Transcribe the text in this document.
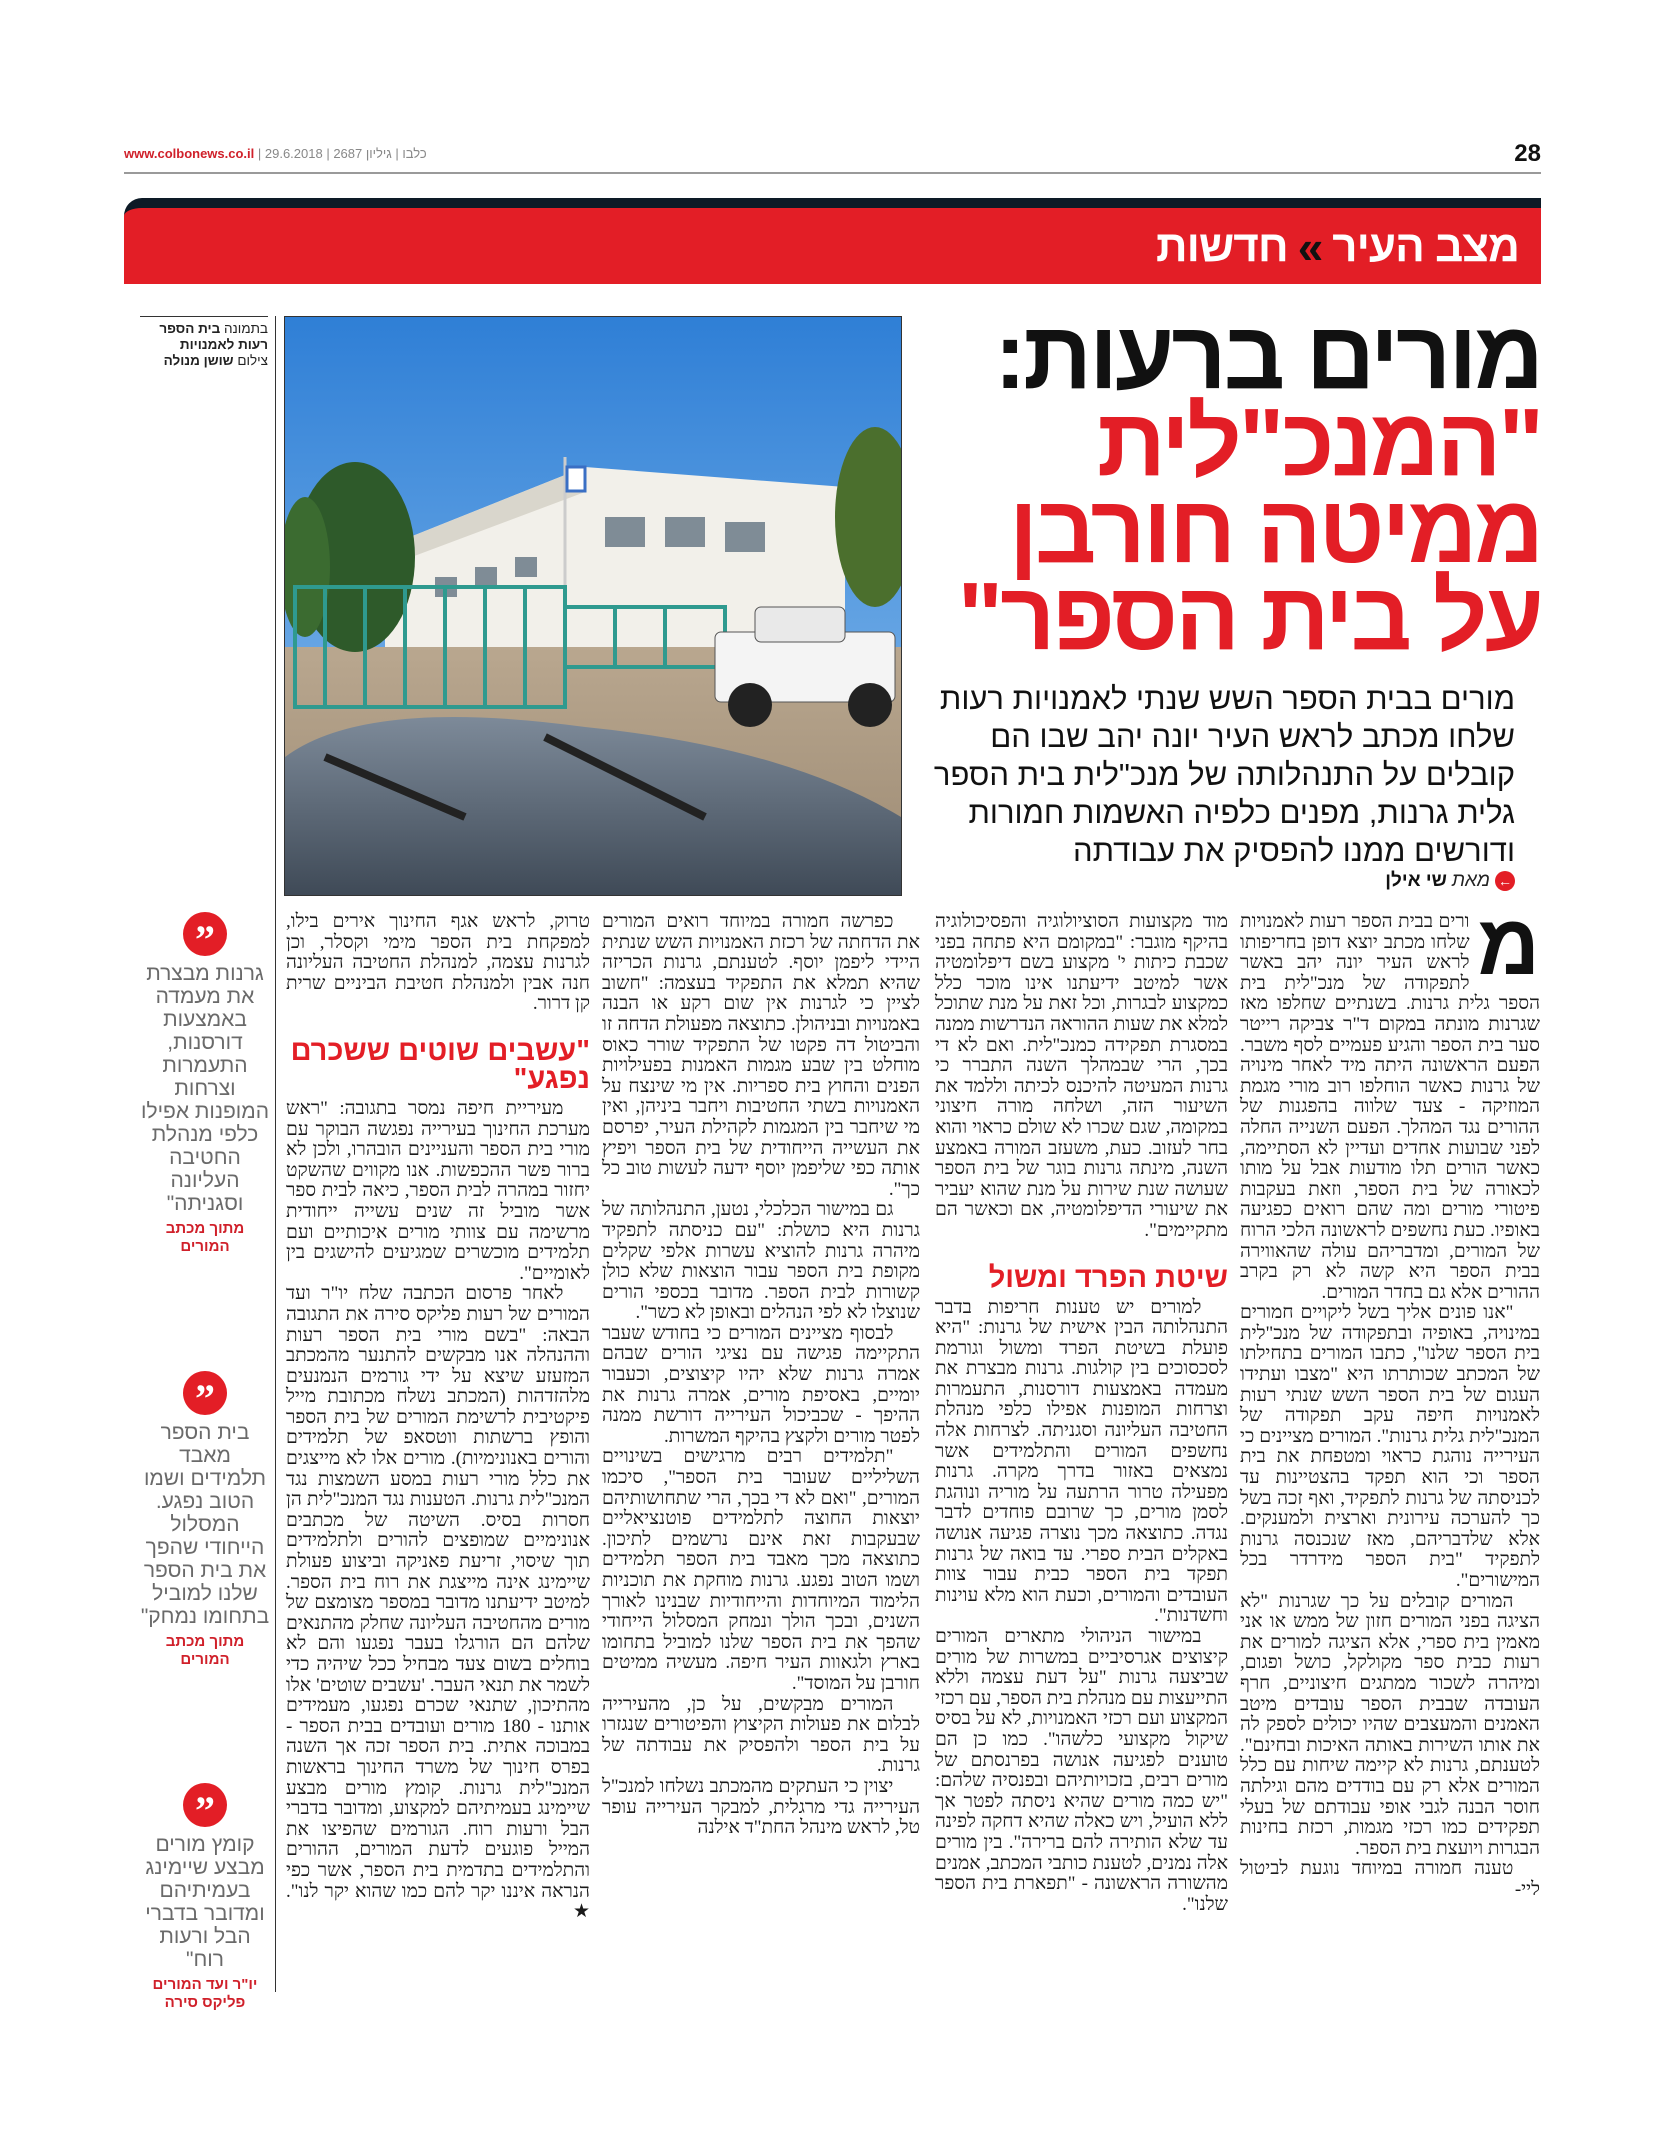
www.colbonews.co.il | כלבו | גיליון 2687 | 29.6.2018	28
מצב העיר
»
חדשות
בתמונה בית הספר רעות לאמנויות
צילום שושן מנולה	מורים ברעות:
"המנכ"לית
ממיטה חורבן
על בית הספר"
מורים בבית הספר השש שנתי לאמנויות רעות שלחו מכתב לראש העיר יונה יהב שבו הם קובלים על התנהלותה של מנכ"לית בית הספר גלית גרנות, מפנים כלפיה האשמות חמורות ודורשים ממנו להפסיק את עבודתה
←
מאת
שי אילן

מ
ורים בבית הספר רעות לאמנויות שלחו מכתב יוצא דופן בחריפותו לראש העיר יונה יהב באשר לתפקודה של מנכ"לית בית הספר גלית גרנות. בשנתיים שחלפו מאז שגרנות מונתה במקום ד"ר צביקה רייטר סער בית הספר והגיע פעמיים לסף משבר. הפעם הראשונה היתה מיד לאחר מינויה של גרנות כאשר הוחלפו רוב מורי מגמת המוזיקה - צעד שלווה בהפגנות של ההורים נגד המהלך. הפעם השנייה החלה לפני שבועות אחדים ועדיין לא הסתיימה, כאשר הורים תלו מודעות אבל על מותו לכאורה של בית הספר, וזאת בעקבות פיטורי מורים ומה שהם רואים כפגיעה באופיו. כעת נחשפים לראשונה הלכי הרוח של המורים, ומדבריהם עולה שהאווירה בבית הספר היא קשה לא רק בקרב ההורים אלא גם בחדר המורים.

"אנו פונים אליך בשל ליקויים חמורים במינויה, באופיה ובתפקודה של מנכ"לית בית הספר שלנו", כתבו המורים בתחילתו של המכתב שכותרתו היא "מצבו ועתידו העגום של בית הספר השש שנתי רעות לאמנויות חיפה עקב תפקודה של המנכ"לית גלית גרנות". המורים מציינים כי העירייה נוהגת כראוי ומטפחת את בית הספר וכי הוא תפקד בהצטיינות עד לכניסתה של גרנות לתפקיד, ואף זכה בשל כך להערכה עירונית וארצית ולמענקים. אלא שלדבריהם, מאז שנכנסה גרנות לתפקיד "בית הספר מידרדר בכל המישורים".

המורים קובלים על כך שגרנות "לא הציגה בפני המורים חזון של ממש או אני מאמין בית ספרי, אלא הציגה למורים את רעות כבית ספר מקולקל, כושל ופגום, ומיהרה לשכור ממתגים חיצוניים, חרף העובדה שבבית הספר עובדים מיטב האמנים והמעצבים שהיו יכולים לספק לה את אותו השירות באותה האיכות ובחינם". לטענתם, גרנות לא קיימה שיחות עם כלל המורים אלא רק עם בודדים מהם וגילתה חוסר הבנה לגבי אופי עבודתם של בעלי תפקידים כמו רכזי מגמות, רכזת בחינות הבגרות ויועצת בית הספר.

טענה חמורה במיוחד נוגעת לביטול ליי-

מוד מקצועות הסוציולוגיה והפסיכולוגיה בהיקף מוגבר: "במקומם היא פתחה בפני שכבת כיתות י' מקצוע בשם דיפלומטיה אשר למיטב ידיעתנו אינו מוכר כלל כמקצוע לבגרות, וכל זאת על מנת שתוכל למלא את שעות ההוראה הנדרשות ממנה במסגרת תפקידה כמנכ"לית. ואם לא די בכך, הרי שבמהלך השנה התברר כי גרנות המעיטה להיכנס לכיתה וללמד את השיעור הזה, ושלחה מורה חיצוני במקומה, שגם שכרו לא שולם כראוי והוא בחר לעזוב. כעת, משעזב המורה באמצע השנה, מינתה גרנות בוגר של בית הספר שעושה שנת שירות על מנת שהוא יעביר את שיעורי הדיפלומטיה, אם וכאשר הם מתקיימים".

שיטת הפרד ומשול

למורים יש טענות חריפות בדבר התנהלותה הבין אישית של גרנות: "היא פועלת בשיטת הפרד ומשול וגורמת לסכסוכים בין קולגות. גרנות מבצרת את מעמדה באמצעות דורסנות, התעמרות וצרחות המופנות אפילו כלפי מנהלת החטיבה העליונה וסגניתה. לצרחות אלה נחשפים המורים והתלמידים אשר נמצאים באזור בדרך מקרה. גרנות מפעילה טרור הרתעה על מוריה ונוהגת לסמן מורים, כך שרובם פוחדים לדבר נגדה. כתוצאה מכך נוצרה פגיעה אנושה באקלים הבית ספרי. עד בואה של גרנות תפקד בית הספר כבית עבור צוות העובדים והמורים, וכעת הוא מלא עוינות וחשדנות".

במישור הניהולי מתארים המורים קיצוצים אגרסיביים במשרות של מורים שביצעה גרנות "על דעת עצמה וללא התייעצות עם מנהלת בית הספר, עם רכזי המקצוע ועם רכזי האמנויות, לא על בסיס שיקול מקצועי כלשהו". כמו כן הם טוענים לפגיעה אנושה בפרנסתם של מורים רבים, בזכויותיהם ובפנסיה שלהם: "יש כמה מורים שהיא ניסתה לפטר אך ללא הועיל, ויש כאלה שהיא דחקה לפינה עד שלא הותירה להם ברירה". בין מורים אלה נמנים, לטענת כותבי המכתב, אמנים מהשורה הראשונה - "תפארת בית הספר שלנו".

כפרשה חמורה במיוחד רואים המורים את הדחתה של רכזת האמנויות השש שנתית היידי ליפמן יוסף. לטענתם, גרנות הכריזה שהיא תמלא את התפקיד בעצמה: "חשוב לציין כי לגרנות אין שום רקע או הבנה באמנויות ובניהולן. כתוצאה מפעולת הדחה זו והביטול דה פקטו של התפקיד שורר כאוס מוחלט בין שבע מגמות האמנות בפעילויות הפנים והחוץ בית ספריות. אין מי שינצח על האמנויות בשתי החטיבות ויחבר ביניהן, ואין מי שיחבר בין המגמות לקהילת העיר, יפרסם את העשייה הייחודית של בית הספר ויפיץ אותה כפי שליפמן יוסף ידעה לעשות טוב כל כך".

גם במישור הכלכלי, נטען, התנהלותה של גרנות היא כושלת: "עם כניסתה לתפקיד מיהרה גרנות להוציא עשרות אלפי שקלים מקופת בית הספר עבור הוצאות שלא כולן קשורות לבית הספר. מדובר בכספי הורים שנוצלו לא לפי הנהלים ובאופן לא כשר".

לבסוף מציינים המורים כי בחודש שעבר התקיימה פגישה עם נציגי הורים שבהם אמרה גרנות שלא יהיו קיצוצים, וכעבור יומיים, באסיפת מורים, אמרה גרנות את ההיפך - שכביכול העירייה דורשת ממנה לפטר מורים ולקצץ בהיקף המשרות.

"תלמידים רבים מרגישים בשינויים השליליים שעובר בית הספר", סיכמו המורים, "ואם לא די בכך, הרי שתחושותיהם יוצאות החוצה לתלמידים פוטנציאליים שבעקבות זאת אינם נרשמים לתיכון. כתוצאה מכך מאבד בית הספר תלמידים ושמו הטוב נפגע. גרנות מוחקת את תוכניות הלימוד המיוחדות והייחודיות שבנינו לאורך השנים, ובכך הולך ונמחק המסלול הייחודי שהפך את בית הספר שלנו למוביל בתחומו בארץ ולגאוות העיר חיפה. מעשיה ממיטים חורבן על המוסד".

המורים מבקשים, על כן, מהעירייה לבלום את פעולות הקיצוץ והפיטורים שנגזרו על בית הספר ולהפסיק את עבודתה של גרנות.

יצוין כי העתקים מהמכתב נשלחו למנכ"ל העירייה גדי מרגלית, למבקר העירייה עופר טל, לראש מינהל החת"ד אילנה

טרוק, לראש אגף החינוך אירים בילו, למפקחת בית הספר מימי וקסלר, וכן לגרנות עצמה, למנהלת החטיבה העליונה חנה אבין ולמנהלת חטיבת הביניים שרית קן דרור.

"עשבים שוטים ששכרם נפגע"

מעיריית חיפה נמסר בתגובה: "ראש מערכת החינוך בעירייה נפגשה הבוקר עם מורי בית הספר והעניינים הובהרו, ולכן לא ברור פשר ההכפשות. אנו מקווים שהשקט יחזור במהרה לבית הספר, כיאה לבית ספר אשר מוביל זה שנים עשייה ייחודית מרשימה עם צוותי מורים איכותיים ועם תלמידים מוכשרים שמגיעים להישגים בין לאומיים".

לאחר פרסום הכתבה שלח יו"ר ועד המורים של רעות פליקס סירה את התגובה הבאה: "בשם מורי בית הספר רעות וההנהלה אנו מבקשים להתנער מהמכתב המזעזע שיצא על ידי גורמים הנמנעים מלהזדהות (המכתב נשלח מכתובת מייל פיקטיבית לרשימת המורים של בית הספר והופץ ברשתות ווטסאפ של תלמידים והורים באנונימיות). מורים אלו לא מייצגים את כלל מורי רעות במסע השמצות נגד המנכ"לית גרנות. הטענות נגד המנכ"לית הן חסרות בסיס. השיטה של מכתבים אנונימיים שמופצים להורים ולתלמידים תוך שיסוי, זריעת פאניקה וביצוע פעולת שיימינג אינה מייצגת את רוח בית הספר. למיטב ידיעתנו מדובר במספר מצומצם של מורים מהחטיבה העליונה שחלק מהתנאים שלהם הם הורגלו בעבר נפגעו והם לא בוחלים בשום צעד מבחיל ככל שיהיה כדי לשמר את תנאי העבר. 'עשבים שוטים' אלו מהתיכון, שתנאי שכרם נפגעו, מעמידים אותנו - 180 מורים ועובדים בבית הספר - במבוכה אתית. בית הספר זכה אך השנה בפרס חינוך של משרד החינוך בראשות המנכ"לית גרנות. קומץ מורים מבצע שיימינג בעמיתיהם למקצוע, ומדובר בדברי הבל ורעות רוח. הגורמים שהפיצו את המייל פוגעים לדעת המורים, ההורים והתלמידים בתדמית בית הספר, אשר כפי הנראה איננו יקר להם כמו שהוא יקר לנו". ★

”
גרנות מבצרת את מעמדה באמצעות דורסנות, התעמרות וצרחות המופנות אפילו כלפי מנהלת החטיבה העליונה וסגניתה"
מתוך מכתב המורים
”
בית הספר מאבד תלמידים ושמו הטוב נפגע. המסלול הייחודי שהפך את בית הספר שלנו למוביל בתחומו נמחק"
מתוך מכתב המורים
”
קומץ מורים מבצע שיימינג בעמיתיהם ומדובר בדברי הבל ורעות רוח"
יו"ר ועד המורים פליקס סירה
